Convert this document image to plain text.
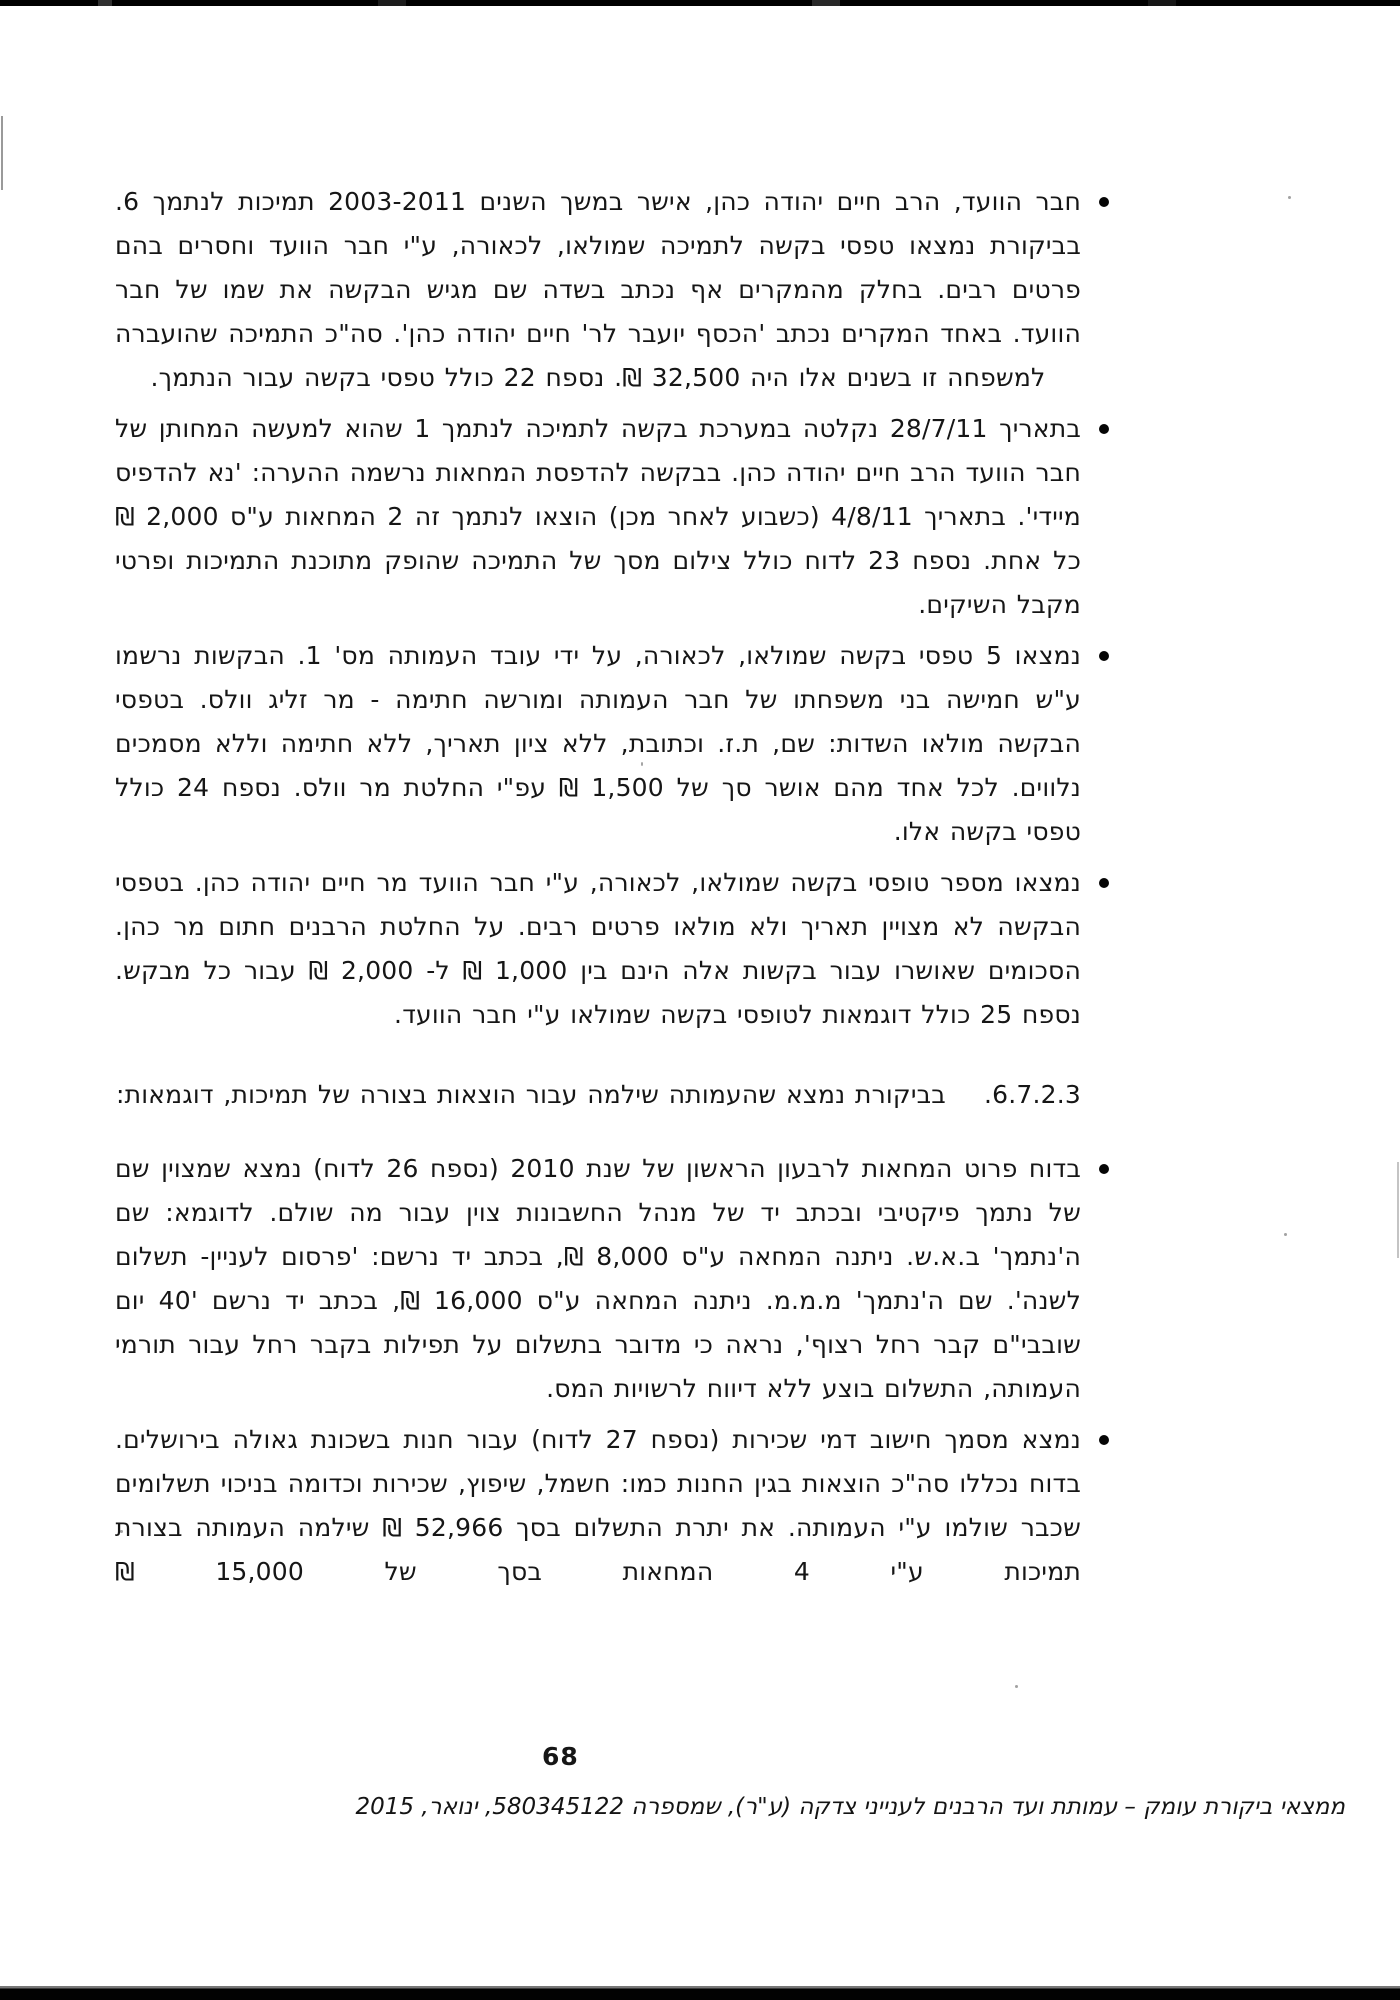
חבר הוועד, הרב חיים יהודה כהן, אישר במשך השנים 2003-2011 תמיכות לנתמך 6. בביקורת נמצאו טפסי בקשה לתמיכה שמולאו, לכאורה, ע"י חבר הוועד וחסרים בהם פרטים רבים. בחלק מהמקרים אף נכתב בשדה שם מגיש הבקשה את שמו של חבר הוועד. באחד המקרים נכתב 'הכסף יועבר לר' חיים יהודה כהן'. סה"כ התמיכה שהועברה למשפחה זו בשנים אלו היה 32,500 ₪. נספח 22 כולל טפסי בקשה עבור הנתמך.

בתאריך 28/7/11 נקלטה במערכת בקשה לתמיכה לנתמך 1 שהוא למעשה המחותן של חבר הוועד הרב חיים יהודה כהן. בבקשה להדפסת המחאות נרשמה ההערה: 'נא להדפיס מיידי'. בתאריך 4/8/11 (כשבוע לאחר מכן) הוצאו לנתמך זה 2 המחאות ע"ס 2,000 ₪ כל אחת. נספח 23 לדוח כולל צילום מסך של התמיכה שהופק מתוכנת התמיכות ופרטי מקבל השיקים.

נמצאו 5 טפסי בקשה שמולאו, לכאורה, על ידי עובד העמותה מס' 1. הבקשות נרשמו ע"ש חמישה בני משפחתו של חבר העמותה ומורשה חתימה - מר זליג וולס. בטפסי הבקשה מולאו השדות: שם, ת.ז. וכתובת, ללא ציון תאריך, ללא חתימה וללא מסמכים נלווים. לכל אחד מהם אושר סך של 1,500 ₪ עפ"י החלטת מר וולס. נספח 24 כולל טפסי בקשה אלו.

נמצאו מספר טופסי בקשה שמולאו, לכאורה, ע"י חבר הוועד מר חיים יהודה כהן. בטפסי הבקשה לא מצויין תאריך ולא מולאו פרטים רבים. על החלטת הרבנים חתום מר כהן. הסכומים שאושרו עבור בקשות אלה הינם בין 1,000 ₪ ל- 2,000 ₪ עבור כל מבקש. נספח 25 כולל דוגמאות לטופסי בקשה שמולאו ע"י חבר הוועד.

6.7.2.3.
בביקורת נמצא שהעמותה שילמה עבור הוצאות בצורה של תמיכות, דוגמאות:

בדוח פרוט המחאות לרבעון הראשון של שנת 2010 (נספח 26 לדוח) נמצא שמצוין שם של נתמך פיקטיבי ובכתב יד של מנהל החשבונות צוין עבור מה שולם. לדוגמא: שם ה'נתמך' ב.א.ש. ניתנה המחאה ע"ס 8,000 ₪, בכתב יד נרשם: 'פרסום לעניין- תשלום לשנה'. שם ה'נתמך' מ.מ.מ. ניתנה המחאה ע"ס 16,000 ₪, בכתב יד נרשם '40 יום שובבי"ם קבר רחל רצוף', נראה כי מדובר בתשלום על תפילות בקבר רחל עבור תורמי העמותה, התשלום בוצע ללא דיווח לרשויות המס.

נמצא מסמך חישוב דמי שכירות (נספח 27 לדוח) עבור חנות בשכונת גאולה בירושלים. בדוח נכללו סה"כ הוצאות בגין החנות כמו: חשמל, שיפוץ, שכירות וכדומה בניכוי תשלומים שכבר שולמו ע"י העמותה. את יתרת התשלום בסך 52,966 ₪ שילמה העמותה בצורת תמיכות ע"י 4 המחאות בסך של 15,000 ₪

68
ממצאי ביקורת עומק – עמותת ועד הרבנים לענייני צדקה (ע"ר), שמספרה 580345122, ינואר, 2015
